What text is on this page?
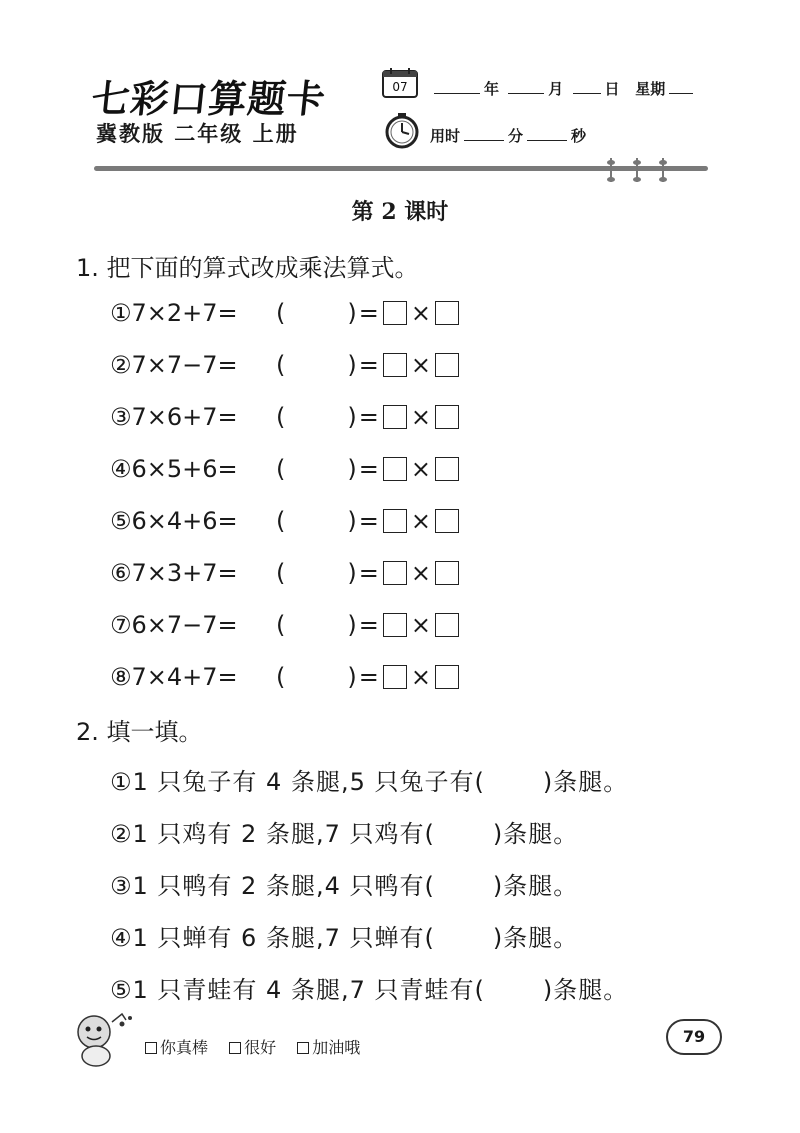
七彩口算题卡
冀教版 二年级 上册
07	年	月	日 星期
用时	分	秒
第 2 课时
1. 把下面的算式改成乘法算式。
①7×2+7=	(	) = ×
②7×7−7=	(	) = ×
③7×6+7=	(	) = ×
④6×5+6=	(	) = ×
⑤6×4+6=	(	) = ×
⑥7×3+7=	(	) = ×
⑦6×7−7=	(	) = ×
⑧7×4+7=	(	) = ×
2. 填一填。
①1 只兔子有 4 条腿,5 只兔子有( )条腿。
②1 只鸡有 2 条腿,7 只鸡有( )条腿。
③1 只鸭有 2 条腿,4 只鸭有( )条腿。
④1 只蝉有 6 条腿,7 只蝉有( )条腿。
⑤1 只青蛙有 4 条腿,7 只青蛙有( )条腿。
你真棒 很好 加油哦
79
